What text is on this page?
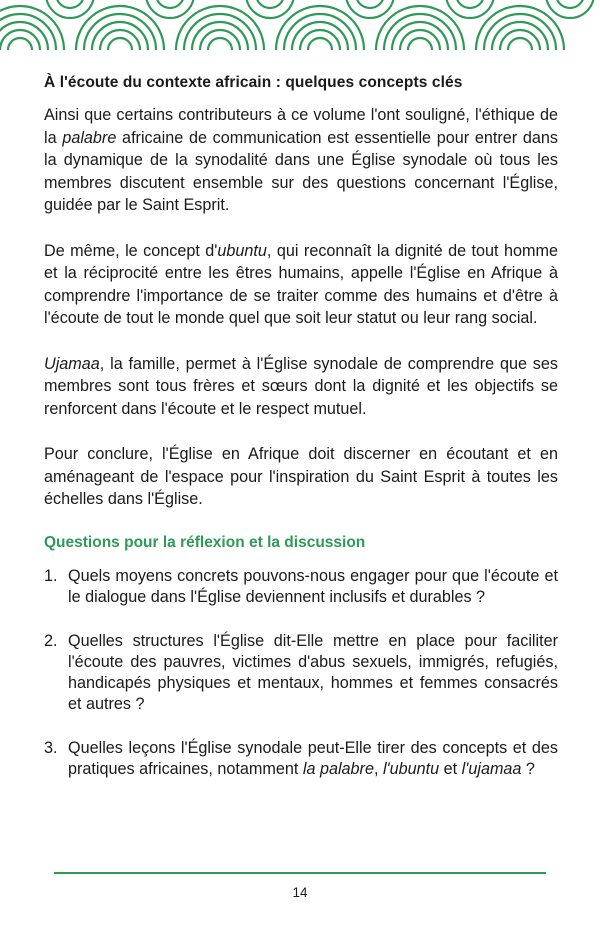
À l'écoute du contexte africain : quelques concepts clés

Ainsi que certains contributeurs à ce volume l'ont souligné, l'éthique de la palabre africaine de communication est essentielle pour entrer dans la dynamique de la synodalité dans une Église synodale où tous les membres discutent ensemble sur des questions concernant l'Église, guidée par le Saint Esprit.

De même, le concept d'ubuntu, qui reconnaît la dignité de tout homme et la réciprocité entre les êtres humains, appelle l'Église en Afrique à comprendre l'importance de se traiter comme des humains et d'être à l'écoute de tout le monde quel que soit leur statut ou leur rang social.

Ujamaa, la famille, permet à l'Église synodale de comprendre que ses membres sont tous frères et sœurs dont la dignité et les objectifs se renforcent dans l'écoute et le respect mutuel.

Pour conclure, l'Église en Afrique doit discerner en écoutant et en aménageant de l'espace pour l'inspiration du Saint Esprit à toutes les échelles dans l'Église.

Questions pour la réflexion et la discussion
1. Quels moyens concrets pouvons-nous engager pour que l'écoute et le dialogue dans l'Église deviennent inclusifs et durables ?
2. Quelles structures l'Église dit-Elle mettre en place pour faciliter l'écoute des pauvres, victimes d'abus sexuels, immigrés, refugiés, handicapés physiques et mentaux, hommes et femmes consacrés et autres ?
3. Quelles leçons l'Église synodale peut-Elle tirer des concepts et des pratiques africaines, notamment la palabre, l'ubuntu et l'ujamaa ?
14
